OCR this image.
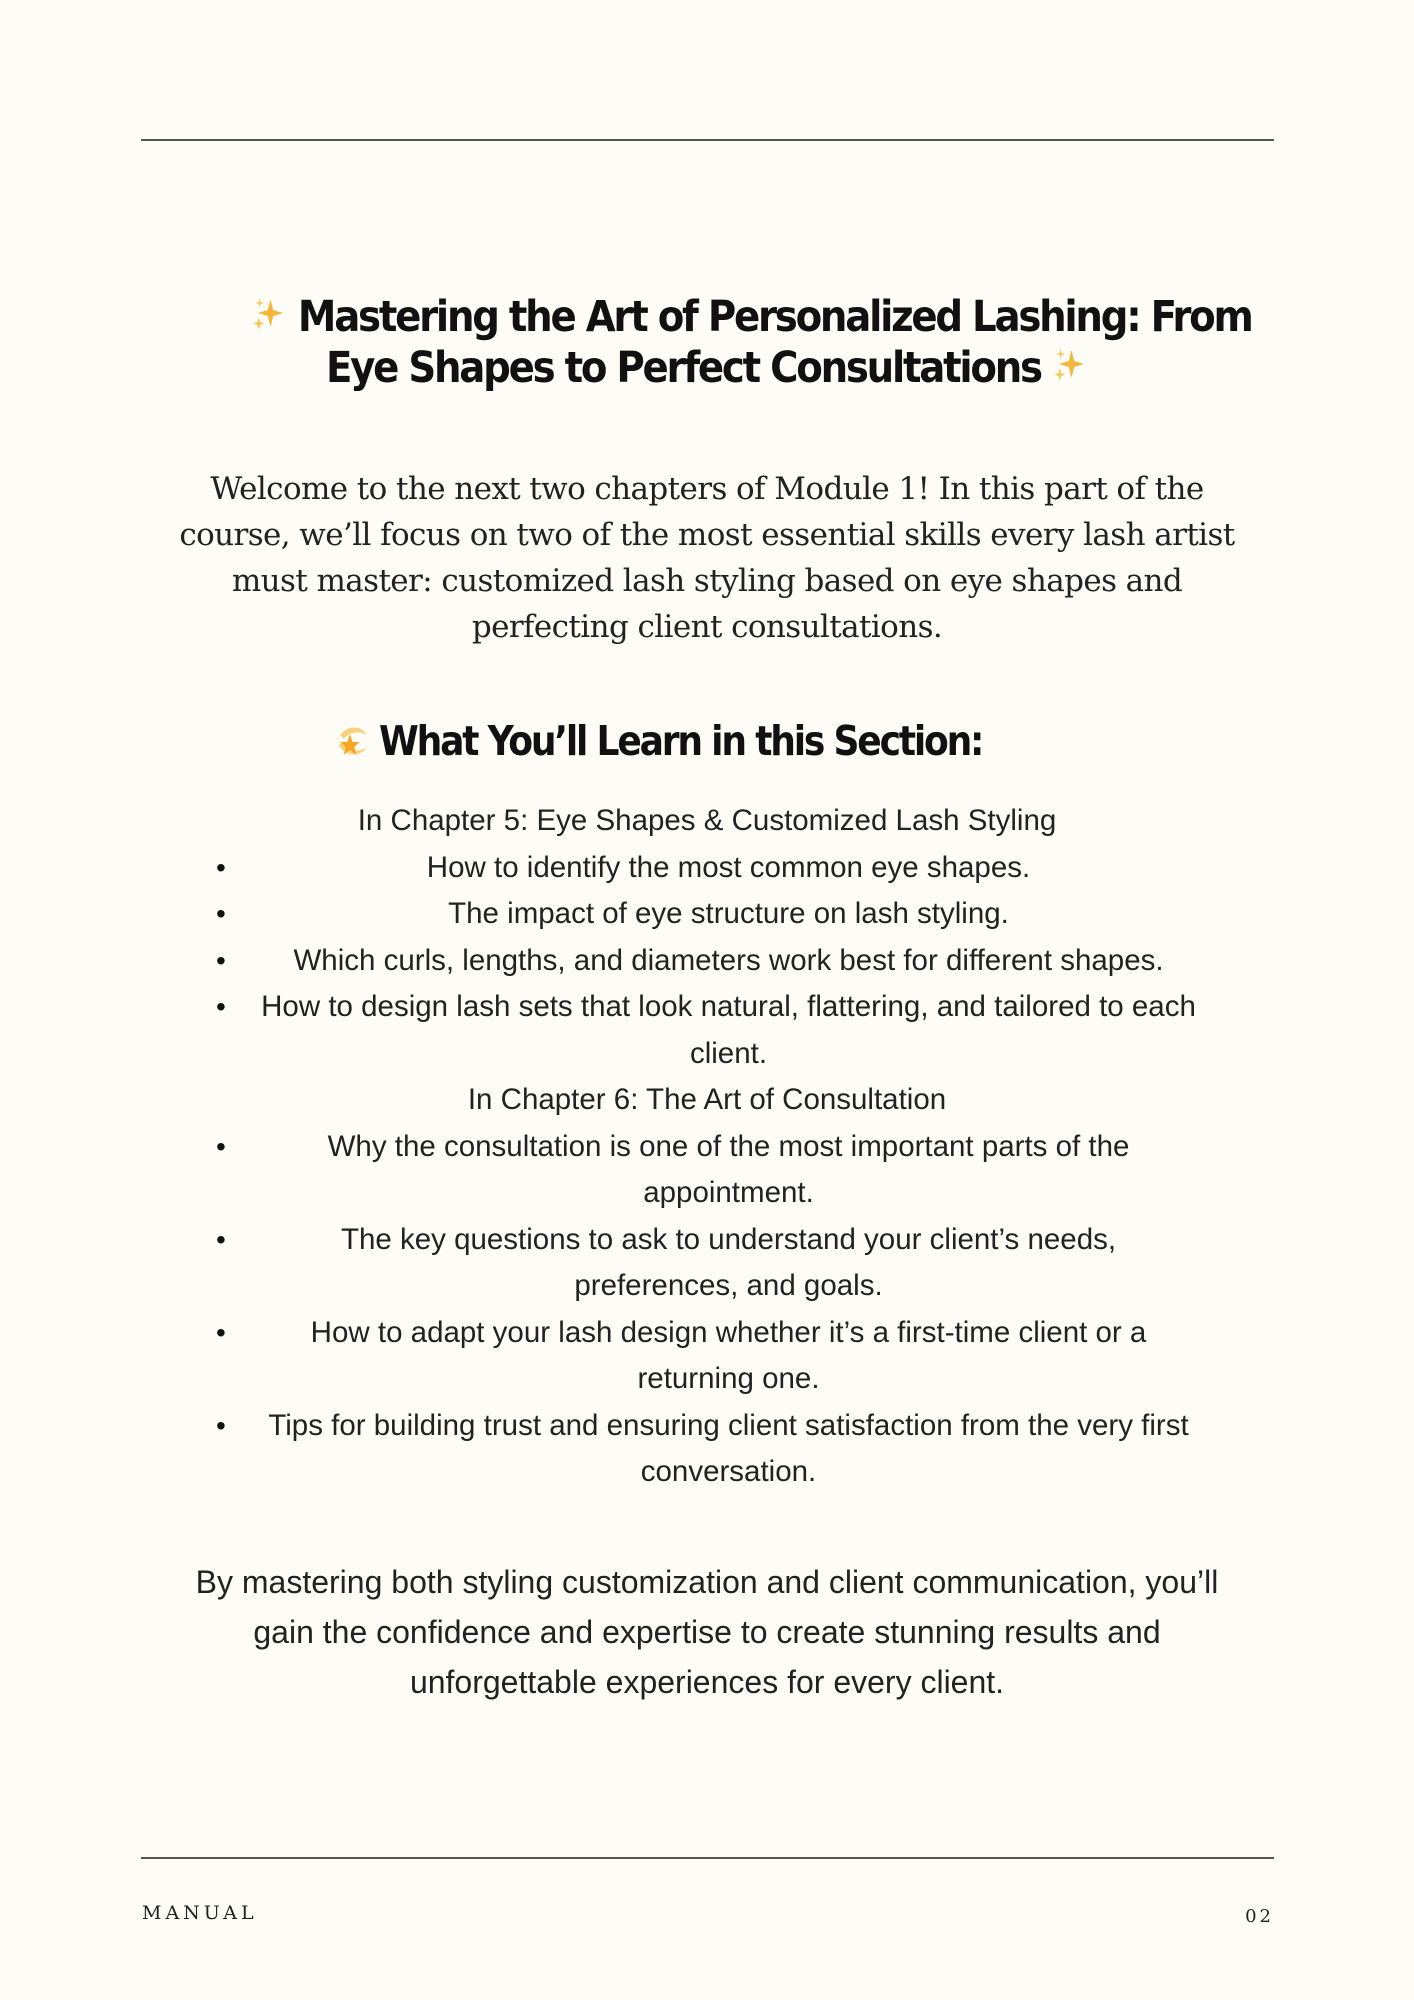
Mastering the Art of Personalized Lashing: From
Eye Shapes to Perfect Consultations

Welcome to the next two chapters of Module 1! In this part of the course, we’ll focus on two of the most essential skills every lash artist must master: customized lash styling based on eye shapes and perfecting client consultations.

What You’ll Learn in this Section:
In Chapter 5: Eye Shapes & Customized Lash Styling
•	How to identify the most common eye shapes.
•	The impact of eye structure on lash styling.
• Which curls, lengths, and diameters work best for different shapes.
• How to design lash sets that look natural, flattering, and tailored to each client.
In Chapter 6: The Art of Consultation
•	Why the consultation is one of the most important parts of the appointment.
•	The key questions to ask to understand your client’s needs, preferences, and goals.
•	How to adapt your lash design whether it’s a first-time client or a returning one.
• Tips for building trust and ensuring client satisfaction from the very first conversation.

By mastering both styling customization and client communication, you’ll gain the confidence and expertise to create stunning results and unforgettable experiences for every client.

MANUAL	02
